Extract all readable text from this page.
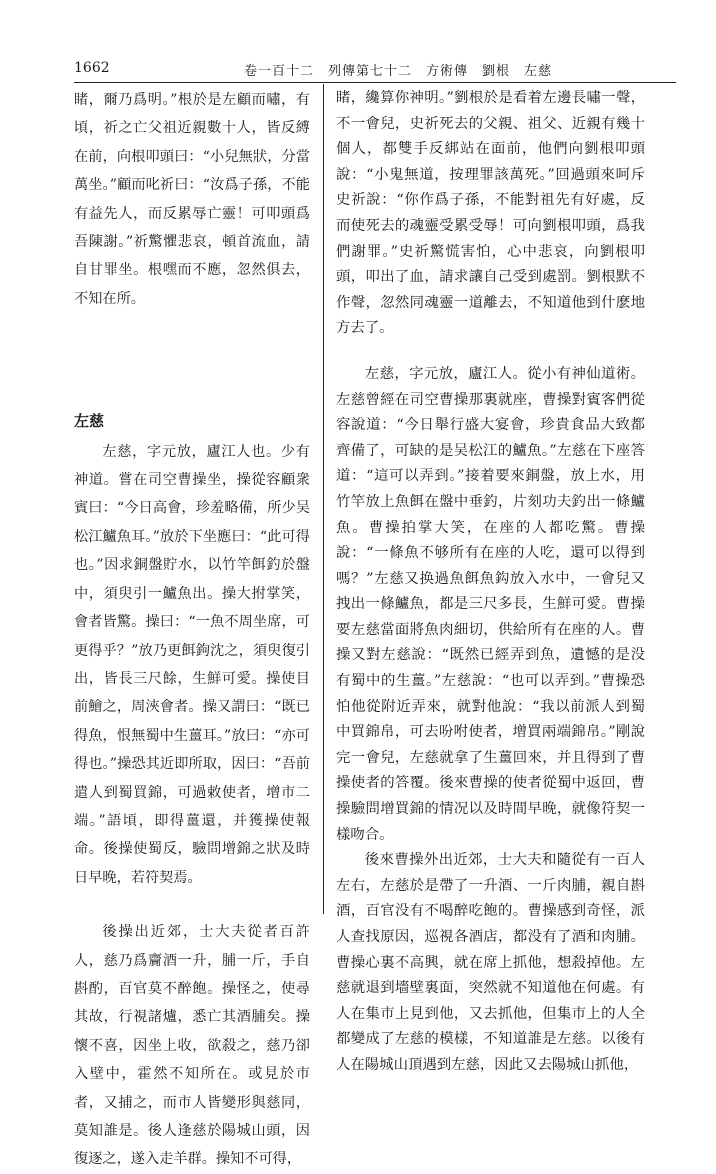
1662	卷一百十二　列傳第七十二　方術傳　劉根　左慈

睹，爾乃爲明。”根於是左顧而嘯，有頃，祈之亡父祖近親數十人，皆反縛在前，向根叩頭曰：“小兒無狀，分當萬坐。”顧而叱祈曰：“汝爲子孫，不能有益先人，而反累辱亡靈！可叩頭爲吾陳謝。”祈驚懼悲哀，頓首流血，請自甘罪坐。根嘿而不應，忽然俱去，不知在所。

左慈

左慈，字元放，廬江人也。少有神道。嘗在司空曹操坐，操從容顧衆賓曰：“今日高會，珍羞略備，所少吴松江鱸魚耳。”放於下坐應曰：“此可得也。”因求銅盤貯水，以竹竿餌釣於盤中，須臾引一鱸魚出。操大拊掌笑，會者皆驚。操曰：“一魚不周坐席，可更得乎？”放乃更餌鉤沈之，須臾復引出，皆長三尺餘，生鮮可愛。操使目前鱠之，周浹會者。操又謂曰：“既已得魚，恨無蜀中生薑耳。”放曰：“亦可得也。”操恐其近即所取，因曰：“吾前遣人到蜀買錦，可過敕使者，增市二端。”語頃，即得薑還，并獲操使報命。後操使蜀反，驗問增錦之狀及時日早晚，若符契焉。

後操出近郊，士大夫從者百許人，慈乃爲齎酒一升，脯一斤，手自斟酌，百官莫不醉飽。操怪之，使尋其故，行視諸爐，悉亡其酒脯矣。操懷不喜，因坐上收，欲殺之，慈乃卻入壁中，霍然不知所在。或見於市者，又捕之，而市人皆變形與慈同，莫知誰是。後人逢慈於陽城山頭，因復逐之，遂入走羊群。操知不可得，

睹，纔算你神明。”劉根於是看着左邊長嘯一聲，不一會兒，史祈死去的父親、祖父、近親有幾十個人，都雙手反綁站在面前，他們向劉根叩頭說：“小鬼無道，按理罪該萬死。”回過頭來呵斥史祈說：“你作爲子孫，不能對祖先有好處，反而使死去的魂靈受累受辱！可向劉根叩頭，爲我們謝罪。”史祈驚慌害怕，心中悲哀，向劉根叩頭，叩出了血，請求讓自己受到處罰。劉根默不作聲，忽然同魂靈一道離去，不知道他到什麽地方去了。

左慈，字元放，廬江人。從小有神仙道術。左慈曾經在司空曹操那裏就座，曹操對賓客們從容說道：“今日舉行盛大宴會，珍貴食品大致都齊備了，可缺的是吴松江的鱸魚。”左慈在下座答道：“這可以弄到。”接着要來銅盤，放上水，用竹竿放上魚餌在盤中垂釣，片刻功夫釣出一條鱸魚。曹操拍掌大笑，在座的人都吃驚。曹操說：“一條魚不够所有在座的人吃，還可以得到嗎？”左慈又换過魚餌魚鈎放入水中，一會兒又拽出一條鱸魚，都是三尺多長，生鮮可愛。曹操要左慈當面將魚肉細切，供給所有在座的人。曹操又對左慈說：“既然已經弄到魚，遺憾的是没有蜀中的生薑。”左慈說：“也可以弄到。”曹操恐怕他從附近弄來，就對他說：“我以前派人到蜀中買錦帛，可去吩咐使者，增買兩端錦帛。”剛說完一會兒，左慈就拿了生薑回來，并且得到了曹操使者的答覆。後來曹操的使者從蜀中返回，曹操驗問增買錦的情况以及時間早晚，就像符契一樣吻合。

後來曹操外出近郊，士大夫和隨從有一百人左右，左慈於是帶了一升酒、一斤肉脯，親自斟酒，百官没有不喝醉吃飽的。曹操感到奇怪，派人查找原因，巡視各酒店，都没有了酒和肉脯。曹操心裏不高興，就在席上抓他，想殺掉他。左慈就退到墻壁裏面，突然就不知道他在何處。有人在集市上見到他，又去抓他，但集市上的人全都變成了左慈的模樣，不知道誰是左慈。以後有人在陽城山頂遇到左慈，因此又去陽城山抓他，
